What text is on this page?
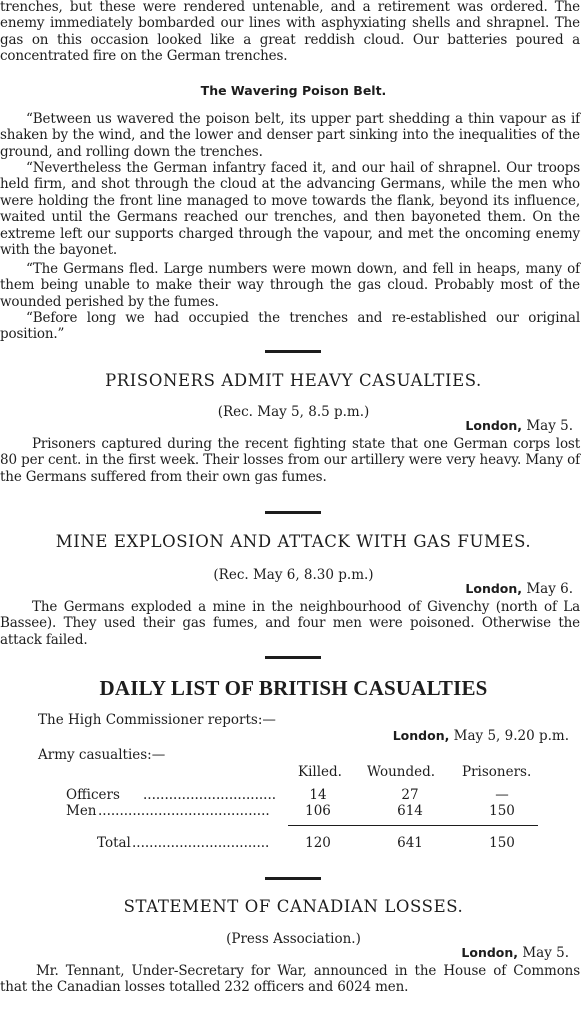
trenches, but these were rendered untenable, and a retirement was ordered. The enemy immediately bombarded our lines with asphyxiating shells and shrapnel. The gas on this occasion looked like a great reddish cloud. Our batteries poured a concentrated fire on the German trenches.

The Wavering Poison Belt.

“Between us wavered the poison belt, its upper part shedding a thin vapour as if shaken by the wind, and the lower and denser part sinking into the inequalities of the ground, and rolling down the trenches.

“Nevertheless the German infantry faced it, and our hail of shrapnel. Our troops held firm, and shot through the cloud at the advancing Germans, while the men who were holding the front line managed to move towards the flank, beyond its influence, waited until the Germans reached our trenches, and then bayoneted them. On the extreme left our supports charged through the vapour, and met the oncoming enemy with the bayonet.

“The Germans fled. Large numbers were mown down, and fell in heaps, many of them being unable to make their way through the gas cloud. Probably most of the wounded perished by the fumes.

“Before long we had occupied the trenches and re-established our original position.”

PRISONERS ADMIT HEAVY CASUALTIES.
(Rec. May 5, 8.5 p.m.)
London, May 5.

Prisoners captured during the recent fighting state that one German corps lost 80 per cent. in the first week. Their losses from our artillery were very heavy. Many of the Germans suffered from their own gas fumes.

MINE EXPLOSION AND ATTACK WITH GAS FUMES.
(Rec. May 6, 8.30 p.m.)
London, May 6.

The Germans exploded a mine in the neighbourhood of Givenchy (north of La Bassee). They used their gas fumes, and four men were poisoned. Otherwise the attack failed.

DAILY LIST OF BRITISH CASUALTIES
The High Commissioner reports:—
London, May 5, 9.20 p.m.
Army casualties:—
Killed. Wounded. Prisoners.
Officers ...............................	14	27	—
Men ........................................	106	614	150
Total ................................	120	641	150
STATEMENT OF CANADIAN LOSSES.
(Press Association.)
London, May 5.

Mr. Tennant, Under-Secretary for War, announced in the House of Commons that the Canadian losses totalled 232 officers and 6024 men.
